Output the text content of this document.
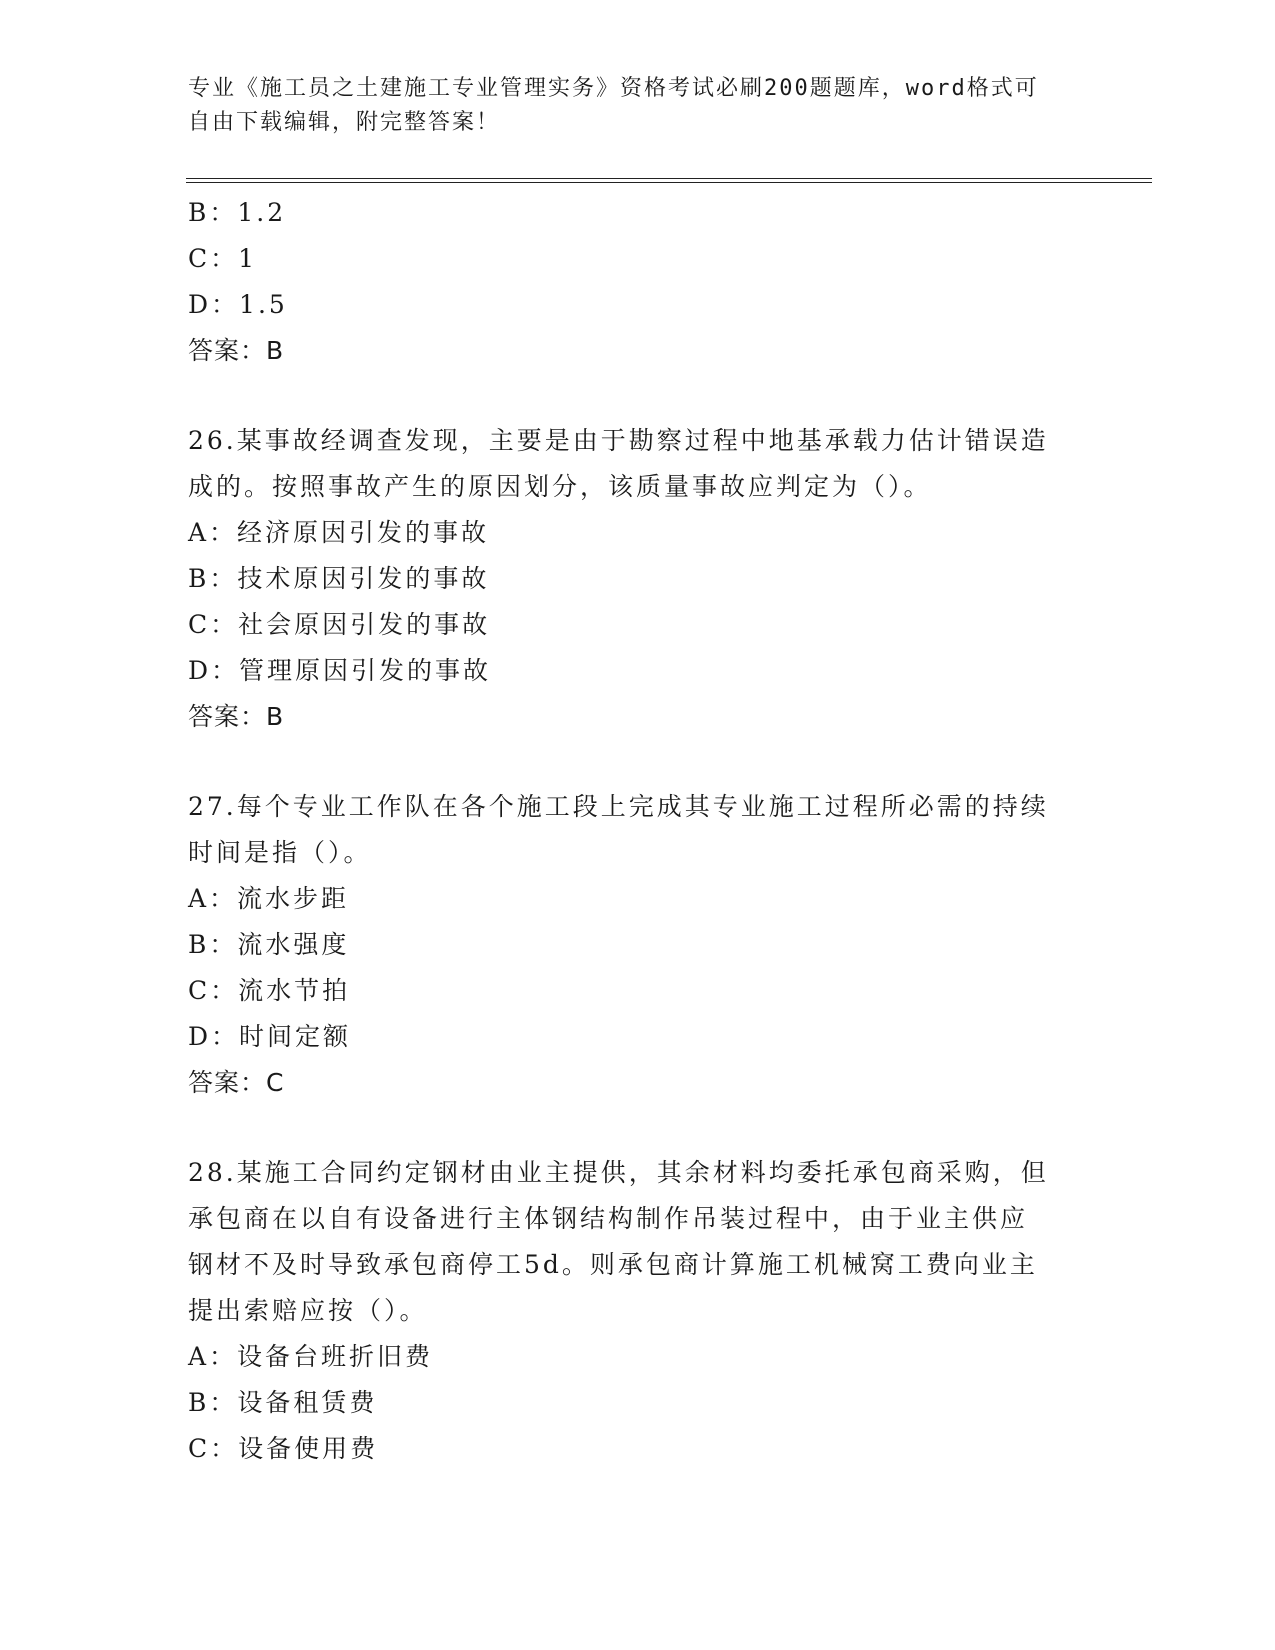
专业《施工员之土建施工专业管理实务》资格考试必刷200题题库，word格式可
自由下载编辑，附完整答案！
B：1.2
C：1
D：1.5
答案：B
26.某事故经调查发现，主要是由于勘察过程中地基承载力估计错误造
成的。按照事故产生的原因划分，该质量事故应判定为（）。
A：经济原因引发的事故
B：技术原因引发的事故
C：社会原因引发的事故
D：管理原因引发的事故
答案：B
27.每个专业工作队在各个施工段上完成其专业施工过程所必需的持续
时间是指（）。
A：流水步距
B：流水强度
C：流水节拍
D：时间定额
答案：C
28.某施工合同约定钢材由业主提供，其余材料均委托承包商采购，但
承包商在以自有设备进行主体钢结构制作吊装过程中，由于业主供应
钢材不及时导致承包商停工5d。则承包商计算施工机械窝工费向业主
提出索赔应按（）。
A：设备台班折旧费
B：设备租赁费
C：设备使用费
